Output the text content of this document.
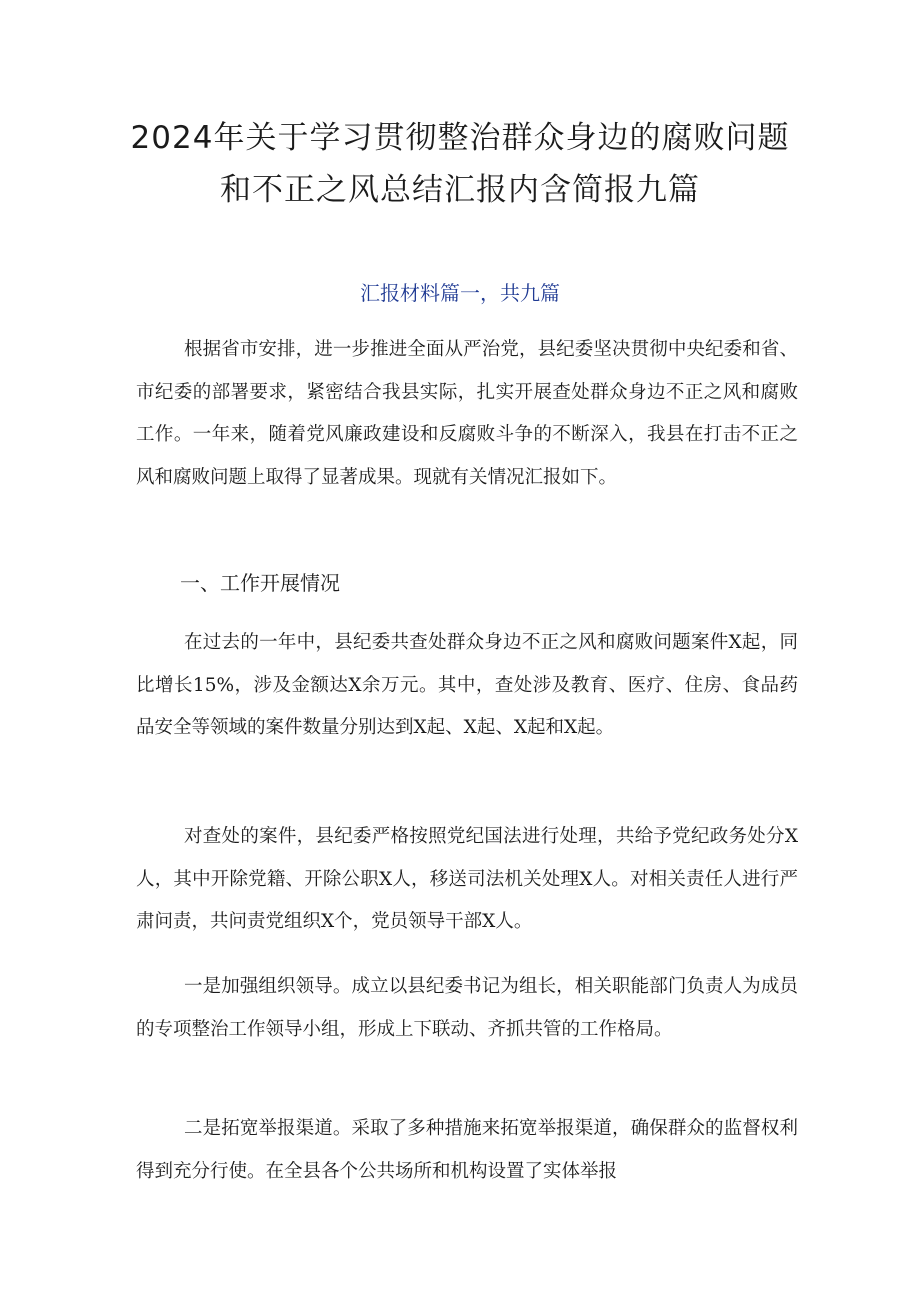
2024年关于学习贯彻整治群众身边的腐败问题和不正之风总结汇报内含简报九篇
汇报材料篇一，共九篇

根据省市安排，进一步推进全面从严治党，县纪委坚决贯彻中央纪委和省、市纪委的部署要求，紧密结合我县实际，扎实开展查处群众身边不正之风和腐败工作。一年来，随着党风廉政建设和反腐败斗争的不断深入，我县在打击不正之风和腐败问题上取得了显著成果。现就有关情况汇报如下。

一、工作开展情况

在过去的一年中，县纪委共查处群众身边不正之风和腐败问题案件X起，同比增长15%，涉及金额达X余万元。其中，查处涉及教育、医疗、住房、食品药品安全等领域的案件数量分别达到X起、X起、X起和X起。

对查处的案件，县纪委严格按照党纪国法进行处理，共给予党纪政务处分X人，其中开除党籍、开除公职X人，移送司法机关处理X人。对相关责任人进行严肃问责，共问责党组织X个，党员领导干部X人。

一是加强组织领导。成立以县纪委书记为组长，相关职能部门负责人为成员的专项整治工作领导小组，形成上下联动、齐抓共管的工作格局。

二是拓宽举报渠道。采取了多种措施来拓宽举报渠道，确保群众的监督权利得到充分行使。在全县各个公共场所和机构设置了实体举报
